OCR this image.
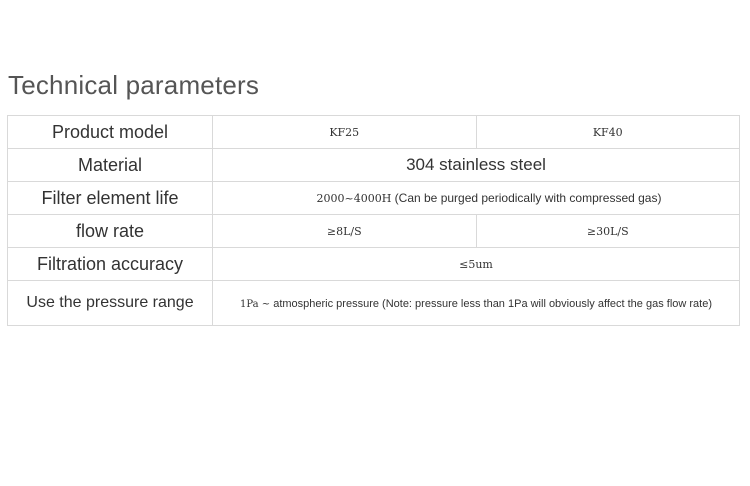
Technical parameters
Product model	KF25	KF40
Material	304 stainless steel	
Filter element life	2000~4000H (Can be purged periodically with compressed gas)	
flow rate	≥8L/S	≥30L/S
Filtration accuracy	≤5um	
Use the pressure range	1Pa ~ atmospheric pressure (Note: pressure less than 1Pa will obviously affect the gas flow rate)	
